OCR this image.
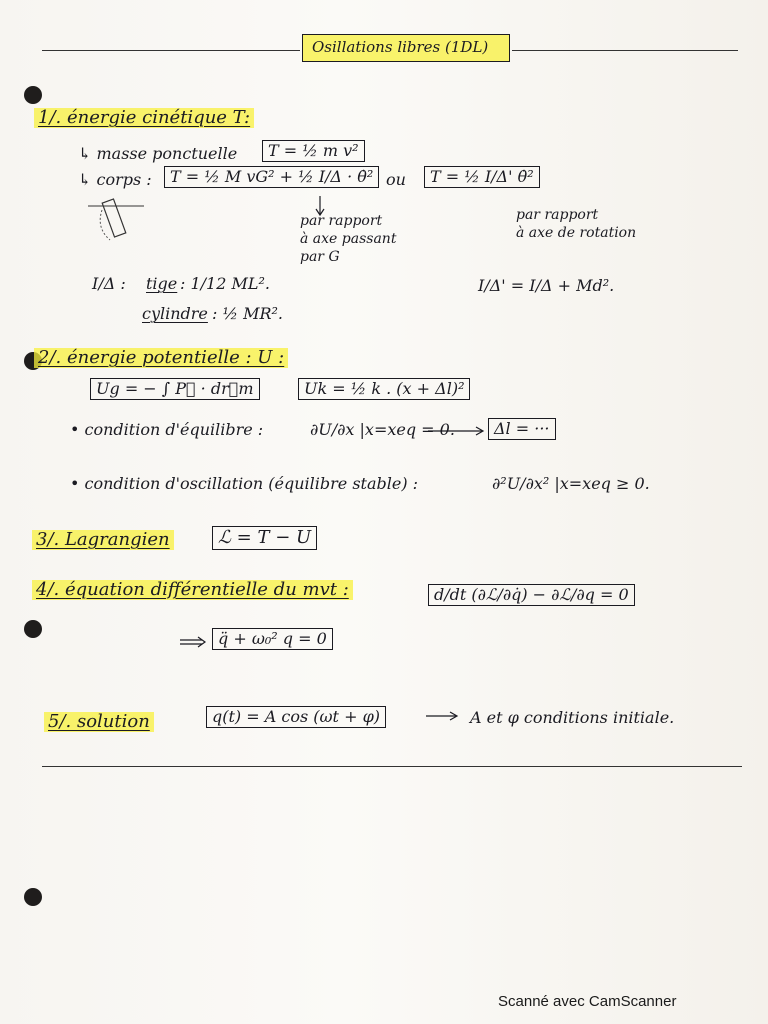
Osillations libres (1DL)
1/. énergie cinétique T:
↳ masse ponctuelle	T = ½ m v²
↳ corps :	T = ½ M vG² + ½ I/Δ · θ̇² ou	T = ½ I/Δ' θ̇²
par rapport
à axe passant
par G
par rapport
à axe de rotation
I/Δ : tige : 1/12 ML².
cylindre : ½ MR².
I/Δ' = I/Δ + Md².
2/. énergie potentielle : U :
Ug = − ∫ P⃗ · dr⃗m	Uk = ½ k . (x + Δl)²
• condition d'équilibre :	∂U/∂x |x=xeq = 0.	Δl = ···
• condition d'oscillation (équilibre stable) :	∂²U/∂x² |x=xeq ≥ 0.
3/. Lagrangien	ℒ = T − U
4/. équation différentielle du mvt :	d/dt (∂ℒ/∂q̇) − ∂ℒ/∂q = 0
q̈ + ω₀² q = 0
5/. solution	q(t) = A cos (ωt + φ)	A et φ conditions initiale.
Scanné avec CamScanner
